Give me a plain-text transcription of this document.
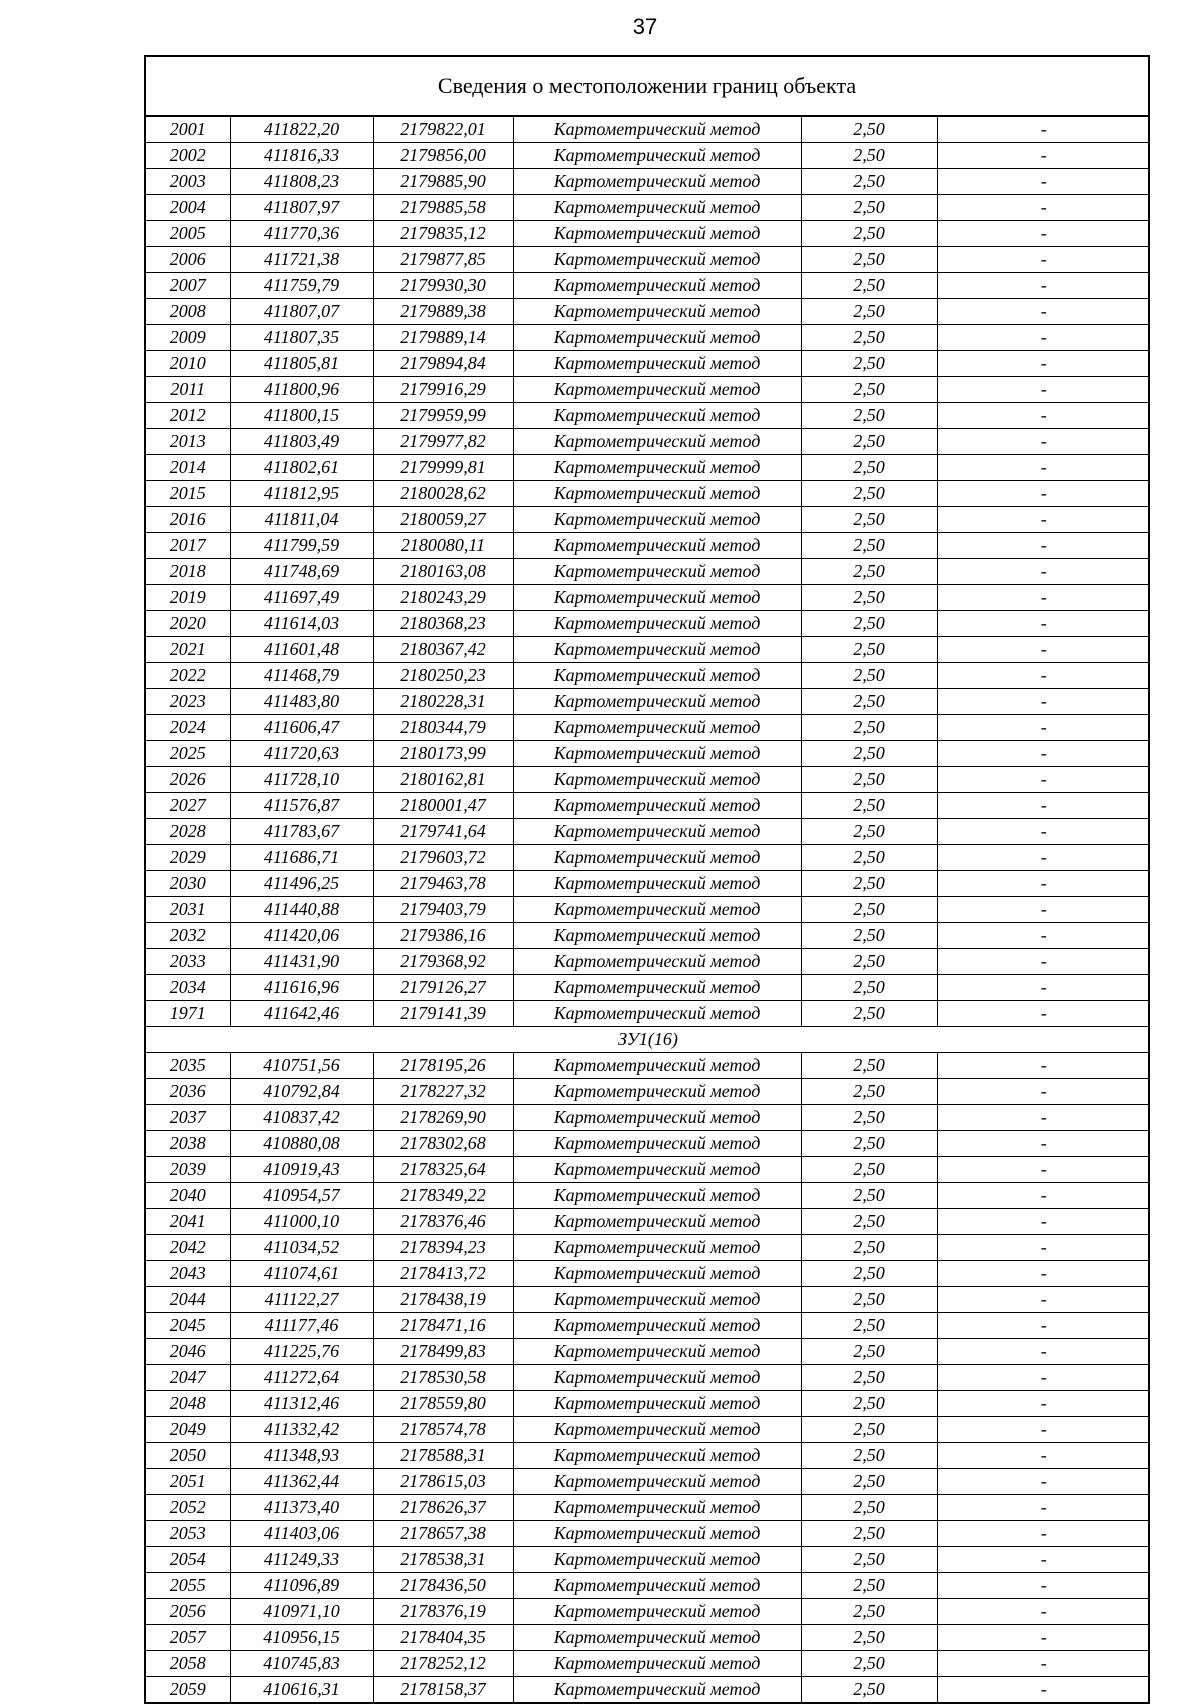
37
Сведения о местоположении границ объекта
2001	411822,20	2179822,01	Картометрический метод	2,50	-
2002	411816,33	2179856,00	Картометрический метод	2,50	-
2003	411808,23	2179885,90	Картометрический метод	2,50	-
2004	411807,97	2179885,58	Картометрический метод	2,50	-
2005	411770,36	2179835,12	Картометрический метод	2,50	-
2006	411721,38	2179877,85	Картометрический метод	2,50	-
2007	411759,79	2179930,30	Картометрический метод	2,50	-
2008	411807,07	2179889,38	Картометрический метод	2,50	-
2009	411807,35	2179889,14	Картометрический метод	2,50	-
2010	411805,81	2179894,84	Картометрический метод	2,50	-
2011	411800,96	2179916,29	Картометрический метод	2,50	-
2012	411800,15	2179959,99	Картометрический метод	2,50	-
2013	411803,49	2179977,82	Картометрический метод	2,50	-
2014	411802,61	2179999,81	Картометрический метод	2,50	-
2015	411812,95	2180028,62	Картометрический метод	2,50	-
2016	411811,04	2180059,27	Картометрический метод	2,50	-
2017	411799,59	2180080,11	Картометрический метод	2,50	-
2018	411748,69	2180163,08	Картометрический метод	2,50	-
2019	411697,49	2180243,29	Картометрический метод	2,50	-
2020	411614,03	2180368,23	Картометрический метод	2,50	-
2021	411601,48	2180367,42	Картометрический метод	2,50	-
2022	411468,79	2180250,23	Картометрический метод	2,50	-
2023	411483,80	2180228,31	Картометрический метод	2,50	-
2024	411606,47	2180344,79	Картометрический метод	2,50	-
2025	411720,63	2180173,99	Картометрический метод	2,50	-
2026	411728,10	2180162,81	Картометрический метод	2,50	-
2027	411576,87	2180001,47	Картометрический метод	2,50	-
2028	411783,67	2179741,64	Картометрический метод	2,50	-
2029	411686,71	2179603,72	Картометрический метод	2,50	-
2030	411496,25	2179463,78	Картометрический метод	2,50	-
2031	411440,88	2179403,79	Картометрический метод	2,50	-
2032	411420,06	2179386,16	Картометрический метод	2,50	-
2033	411431,90	2179368,92	Картометрический метод	2,50	-
2034	411616,96	2179126,27	Картометрический метод	2,50	-
1971	411642,46	2179141,39	Картометрический метод	2,50	-
ЗУ1(16)					
2035	410751,56	2178195,26	Картометрический метод	2,50	-
2036	410792,84	2178227,32	Картометрический метод	2,50	-
2037	410837,42	2178269,90	Картометрический метод	2,50	-
2038	410880,08	2178302,68	Картометрический метод	2,50	-
2039	410919,43	2178325,64	Картометрический метод	2,50	-
2040	410954,57	2178349,22	Картометрический метод	2,50	-
2041	411000,10	2178376,46	Картометрический метод	2,50	-
2042	411034,52	2178394,23	Картометрический метод	2,50	-
2043	411074,61	2178413,72	Картометрический метод	2,50	-
2044	411122,27	2178438,19	Картометрический метод	2,50	-
2045	411177,46	2178471,16	Картометрический метод	2,50	-
2046	411225,76	2178499,83	Картометрический метод	2,50	-
2047	411272,64	2178530,58	Картометрический метод	2,50	-
2048	411312,46	2178559,80	Картометрический метод	2,50	-
2049	411332,42	2178574,78	Картометрический метод	2,50	-
2050	411348,93	2178588,31	Картометрический метод	2,50	-
2051	411362,44	2178615,03	Картометрический метод	2,50	-
2052	411373,40	2178626,37	Картометрический метод	2,50	-
2053	411403,06	2178657,38	Картометрический метод	2,50	-
2054	411249,33	2178538,31	Картометрический метод	2,50	-
2055	411096,89	2178436,50	Картометрический метод	2,50	-
2056	410971,10	2178376,19	Картометрический метод	2,50	-
2057	410956,15	2178404,35	Картометрический метод	2,50	-
2058	410745,83	2178252,12	Картометрический метод	2,50	-
2059	410616,31	2178158,37	Картометрический метод	2,50	-
